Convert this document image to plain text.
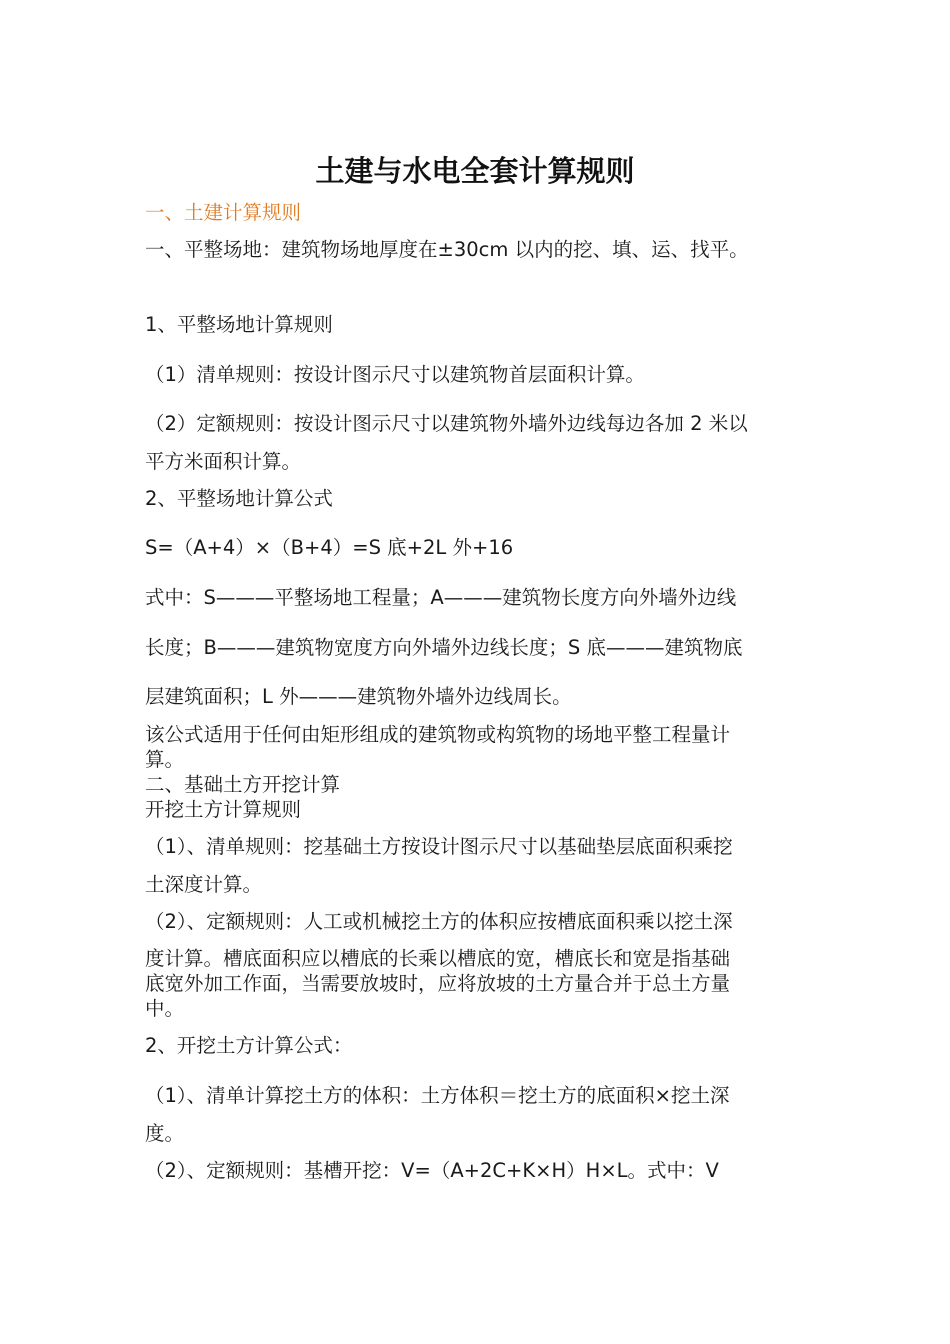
土建与水电全套计算规则

一、土建计算规则

一、平整场地：建筑物场地厚度在±30cm 以内的挖、填、运、找平。

1、平整场地计算规则

（1）清单规则：按设计图示尺寸以建筑物首层面积计算。

（2）定额规则：按设计图示尺寸以建筑物外墙外边线每边各加 2 米以

平方米面积计算。

2、平整场地计算公式

S=（A+4）×（B+4）=S 底+2L 外+16

式中：S———平整场地工程量；A———建筑物长度方向外墙外边线

长度；B———建筑物宽度方向外墙外边线长度；S 底———建筑物底

层建筑面积；L 外———建筑物外墙外边线周长。

该公式适用于任何由矩形组成的建筑物或构筑物的场地平整工程量计

算。

二、基础土方开挖计算

开挖土方计算规则

（1）、清单规则：挖基础土方按设计图示尺寸以基础垫层底面积乘挖

土深度计算。

（2）、定额规则：人工或机械挖土方的体积应按槽底面积乘以挖土深

度计算。槽底面积应以槽底的长乘以槽底的宽，槽底长和宽是指基础

底宽外加工作面，当需要放坡时，应将放坡的土方量合并于总土方量

中。

2、开挖土方计算公式：

（1）、清单计算挖土方的体积：土方体积＝挖土方的底面积×挖土深

度。

（2）、定额规则：基槽开挖：V=（A+2C+K×H）H×L。式中：V
